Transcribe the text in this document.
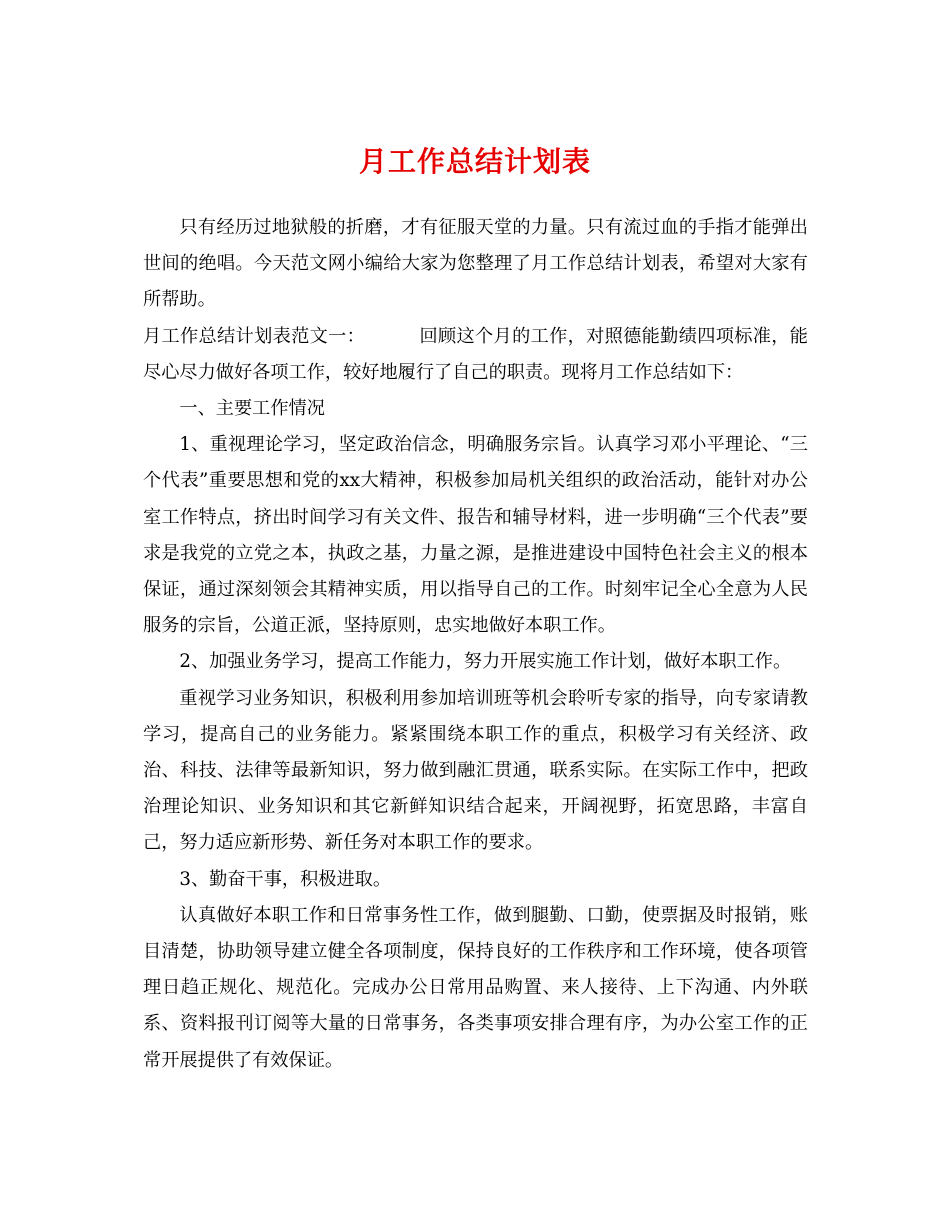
月工作总结计划表

只有经历过地狱般的折磨，才有征服天堂的力量。只有流过血的手指才能弹出世间的绝唱。今天范文网小编给大家为您整理了月工作总结计划表，希望对大家有所帮助。

月工作总结计划表范文一：	回顾这个月的工作，对照德能勤绩四项标准，能尽心尽力做好各项工作，较好地履行了自己的职责。现将月工作总结如下：

一、主要工作情况

1、重视理论学习，坚定政治信念，明确服务宗旨。认真学习邓小平理论、“三个代表”重要思想和党的xx大精神，积极参加局机关组织的政治活动，能针对办公室工作特点，挤出时间学习有关文件、报告和辅导材料，进一步明确“三个代表”要求是我党的立党之本，执政之基，力量之源，是推进建设中国特色社会主义的根本保证，通过深刻领会其精神实质，用以指导自己的工作。时刻牢记全心全意为人民服务的宗旨，公道正派，坚持原则，忠实地做好本职工作。

2、加强业务学习，提高工作能力，努力开展实施工作计划，做好本职工作。

重视学习业务知识，积极利用参加培训班等机会聆听专家的指导，向专家请教学习，提高自己的业务能力。紧紧围绕本职工作的重点，积极学习有关经济、政治、科技、法律等最新知识，努力做到融汇贯通，联系实际。在实际工作中，把政治理论知识、业务知识和其它新鲜知识结合起来，开阔视野，拓宽思路，丰富自己，努力适应新形势、新任务对本职工作的要求。

3、勤奋干事，积极进取。

认真做好本职工作和日常事务性工作，做到腿勤、口勤，使票据及时报销，账目清楚，协助领导建立健全各项制度，保持良好的工作秩序和工作环境，使各项管理日趋正规化、规范化。完成办公日常用品购置、来人接待、上下沟通、内外联系、资料报刊订阅等大量的日常事务，各类事项安排合理有序，为办公室工作的正常开展提供了有效保证。
